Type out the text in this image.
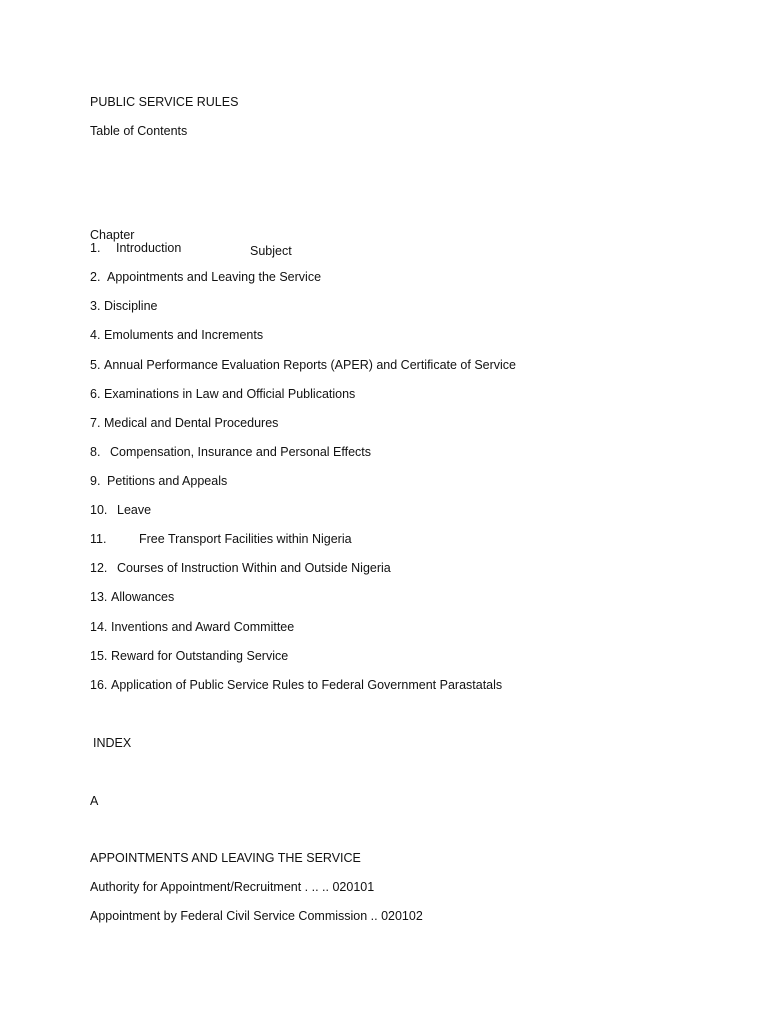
PUBLIC SERVICE RULES
Table of Contents

Chapter

Subject

1. Introduction
2. Appointments and Leaving the Service
3. Discipline
4. Emoluments and Increments
5. Annual Performance Evaluation Reports (APER) and Certificate of Service
6. Examinations in Law and Official Publications
7. Medical and Dental Procedures
8. Compensation, Insurance and Personal Effects
9. Petitions and Appeals
10. Leave
11.	Free Transport Facilities within Nigeria
12. Courses of Instruction Within and Outside Nigeria
13. Allowances
14. Inventions and Award Committee
15. Reward for Outstanding Service
16. Application of Public Service Rules to Federal Government Parastatals
INDEX
A
APPOINTMENTS AND LEAVING THE SERVICE
Authority for Appointment/Recruitment . .. .. 020101
Appointment by Federal Civil Service Commission .. 020102
